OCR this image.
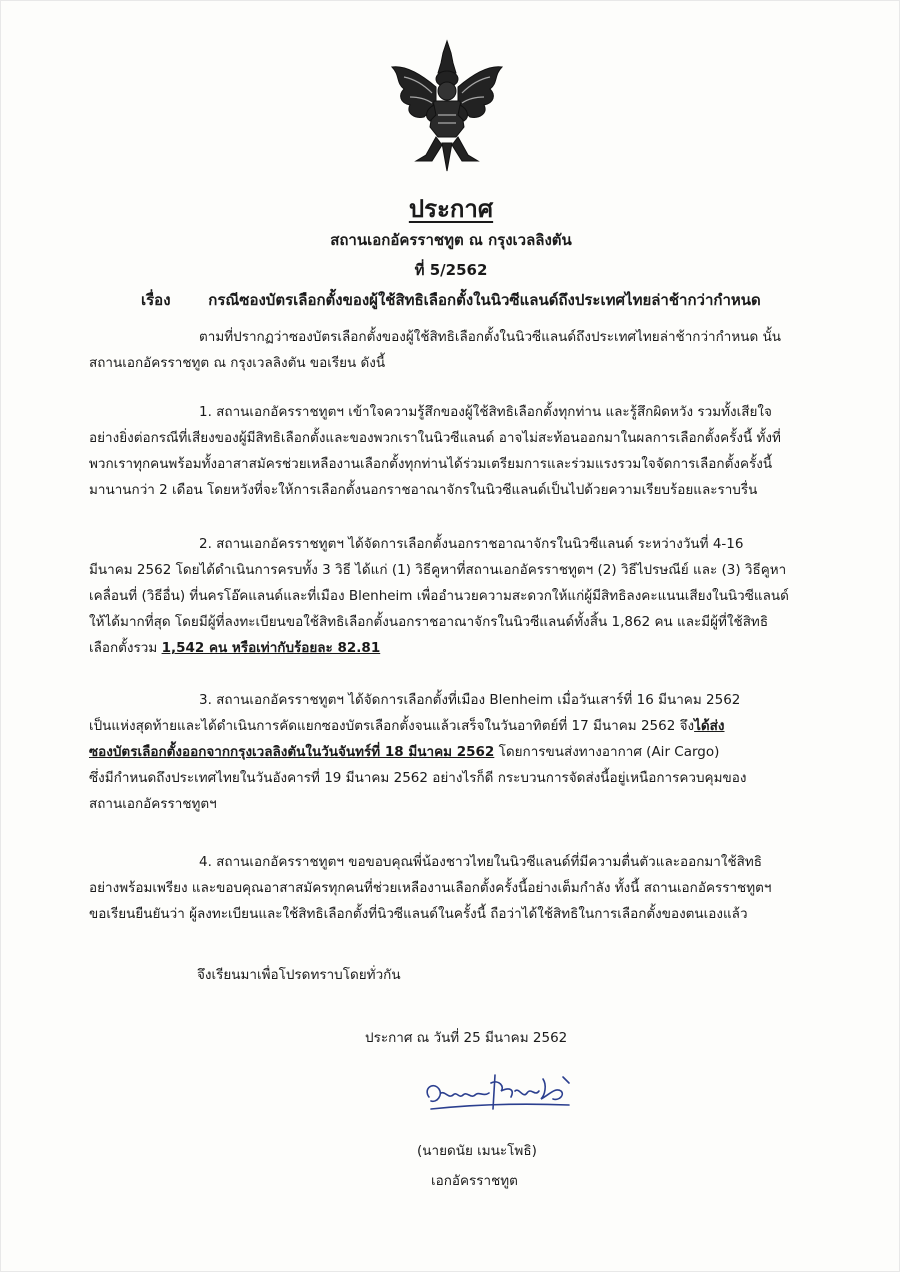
ประกาศ
สถานเอกอัครราชทูต ณ กรุงเวลลิงตัน
ที่ 5/2562
เรื่อง	กรณีซองบัตรเลือกตั้งของผู้ใช้สิทธิเลือกตั้งในนิวซีแลนด์ถึงประเทศไทยล่าช้ากว่ากำหนด
ตามที่ปรากฏว่าซองบัตรเลือกตั้งของผู้ใช้สิทธิเลือกตั้งในนิวซีแลนด์ถึงประเทศไทยล่าช้ากว่ากำหนด นั้น
สถานเอกอัครราชทูต ณ กรุงเวลลิงตัน ขอเรียน ดังนี้
1. สถานเอกอัครราชทูตฯ เข้าใจความรู้สึกของผู้ใช้สิทธิเลือกตั้งทุกท่าน และรู้สึกผิดหวัง รวมทั้งเสียใจ
อย่างยิ่งต่อกรณีที่เสียงของผู้มีสิทธิเลือกตั้งและของพวกเราในนิวซีแลนด์ อาจไม่สะท้อนออกมาในผลการเลือกตั้งครั้งนี้ ทั้งที่
พวกเราทุกคนพร้อมทั้งอาสาสมัครช่วยเหลืองานเลือกตั้งทุกท่านได้ร่วมเตรียมการและร่วมแรงรวมใจจัดการเลือกตั้งครั้งนี้
มานานกว่า 2 เดือน โดยหวังที่จะให้การเลือกตั้งนอกราชอาณาจักรในนิวซีแลนด์เป็นไปด้วยความเรียบร้อยและราบรื่น
2. สถานเอกอัครราชทูตฯ ได้จัดการเลือกตั้งนอกราชอาณาจักรในนิวซีแลนด์ ระหว่างวันที่ 4-16
มีนาคม 2562 โดยได้ดำเนินการครบทั้ง 3 วิธี ได้แก่ (1) วิธีคูหาที่สถานเอกอัครราชทูตฯ (2) วิธีไปรษณีย์ และ (3) วิธีคูหา
เคลื่อนที่ (วิธีอื่น) ที่นครโอ๊คแลนด์และที่เมือง Blenheim เพื่ออำนวยความสะดวกให้แก่ผู้มีสิทธิลงคะแนนเสียงในนิวซีแลนด์
ให้ได้มากที่สุด โดยมีผู้ที่ลงทะเบียนขอใช้สิทธิเลือกตั้งนอกราชอาณาจักรในนิวซีแลนด์ทั้งสิ้น 1,862 คน และมีผู้ที่ใช้สิทธิ
เลือกตั้งรวม 1,542 คน หรือเท่ากับร้อยละ 82.81
3. สถานเอกอัครราชทูตฯ ได้จัดการเลือกตั้งที่เมือง Blenheim เมื่อวันเสาร์ที่ 16 มีนาคม 2562
เป็นแห่งสุดท้ายและได้ดำเนินการคัดแยกซองบัตรเลือกตั้งจนแล้วเสร็จในวันอาทิตย์ที่ 17 มีนาคม 2562 จึงได้ส่ง
ซองบัตรเลือกตั้งออกจากกรุงเวลลิงตันในวันจันทร์ที่ 18 มีนาคม 2562 โดยการขนส่งทางอากาศ (Air Cargo)
ซึ่งมีกำหนดถึงประเทศไทยในวันอังคารที่ 19 มีนาคม 2562 อย่างไรก็ดี กระบวนการจัดส่งนี้อยู่เหนือการควบคุมของ
สถานเอกอัครราชทูตฯ
4. สถานเอกอัครราชทูตฯ ขอขอบคุณพี่น้องชาวไทยในนิวซีแลนด์ที่มีความตื่นตัวและออกมาใช้สิทธิ
อย่างพร้อมเพรียง และขอบคุณอาสาสมัครทุกคนที่ช่วยเหลืองานเลือกตั้งครั้งนี้อย่างเต็มกำลัง ทั้งนี้ สถานเอกอัครราชทูตฯ
ขอเรียนยืนยันว่า ผู้ลงทะเบียนและใช้สิทธิเลือกตั้งที่นิวซีแลนด์ในครั้งนี้ ถือว่าได้ใช้สิทธิในการเลือกตั้งของตนเองแล้ว
จึงเรียนมาเพื่อโปรดทราบโดยทั่วกัน
ประกาศ ณ วันที่ 25 มีนาคม 2562
(นายดนัย เมนะโพธิ)
เอกอัครราชทูต
